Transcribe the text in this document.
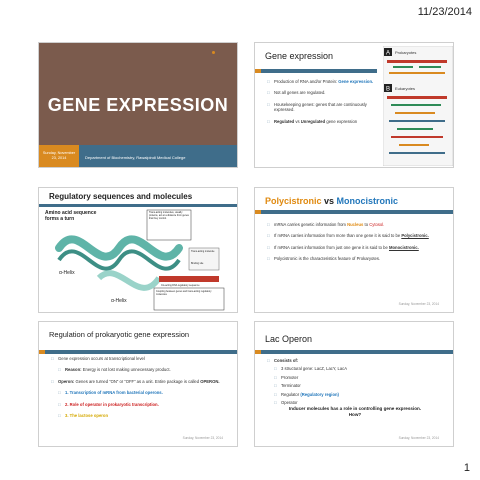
11/23/2014
GENE EXPRESSION
Sunday, November 23, 2014	Department of Biochemistry, Rawalpindi Medical College
Gene expression
□ Production of RNA and/or Protein: Gene expression.
□ Not all genes are regulated.
□ Housekeeping genes: genes that are continuously expressed.
□ Regulated vs Unregulated gene expression
A Prokaryotes
B Eukaryotes
Regulatory sequences and molecules
Amino acid sequence forms a turn
α-Helix
α-Helix
Trans-acting molecules, usually proteins, act at a distance from genes that they control.
Trans-acting molecule
Binding site
Cis-acting DNA regulatory sequence
Coupling between genes and trans-acting regulatory molecules
Polycistronic vs Monocistronic
□ mRNA carries genetic information from Nucleus to Cytosol.
□ If mRNA carries information from more than one gene it is said to be Polycistronic.
□ If mRNA carries information from just one gene it is said to be Monocistronic.
□ Polycistronic is the characteristics feature of Prokaryotes.
Sunday, November 23, 2014
Regulation of prokaryotic gene expression
□ Gene expression occurs at transcriptional level
□ Reason: Energy is not lost making unnecessary product.
□ Operon: Genes are turned “ON” or “OFF” as a unit. Entire package is called OPERON.
□ 1. Transcription of mRNA from bacterial operons.
□ 2. Role of operator in prokaryotic transcription.
□ 3. The lactose operon
Sunday, November 23, 2014
Lac Operon
□ Consists of:
□ 3 structural gene: LacZ, LacY, LacA
□ Promoter
□ Terminator
□ Regulator (Regulatory region)
□ Operator
Inducer molecules has a role in controlling gene expression. How?
Sunday, November 23, 2014
1
